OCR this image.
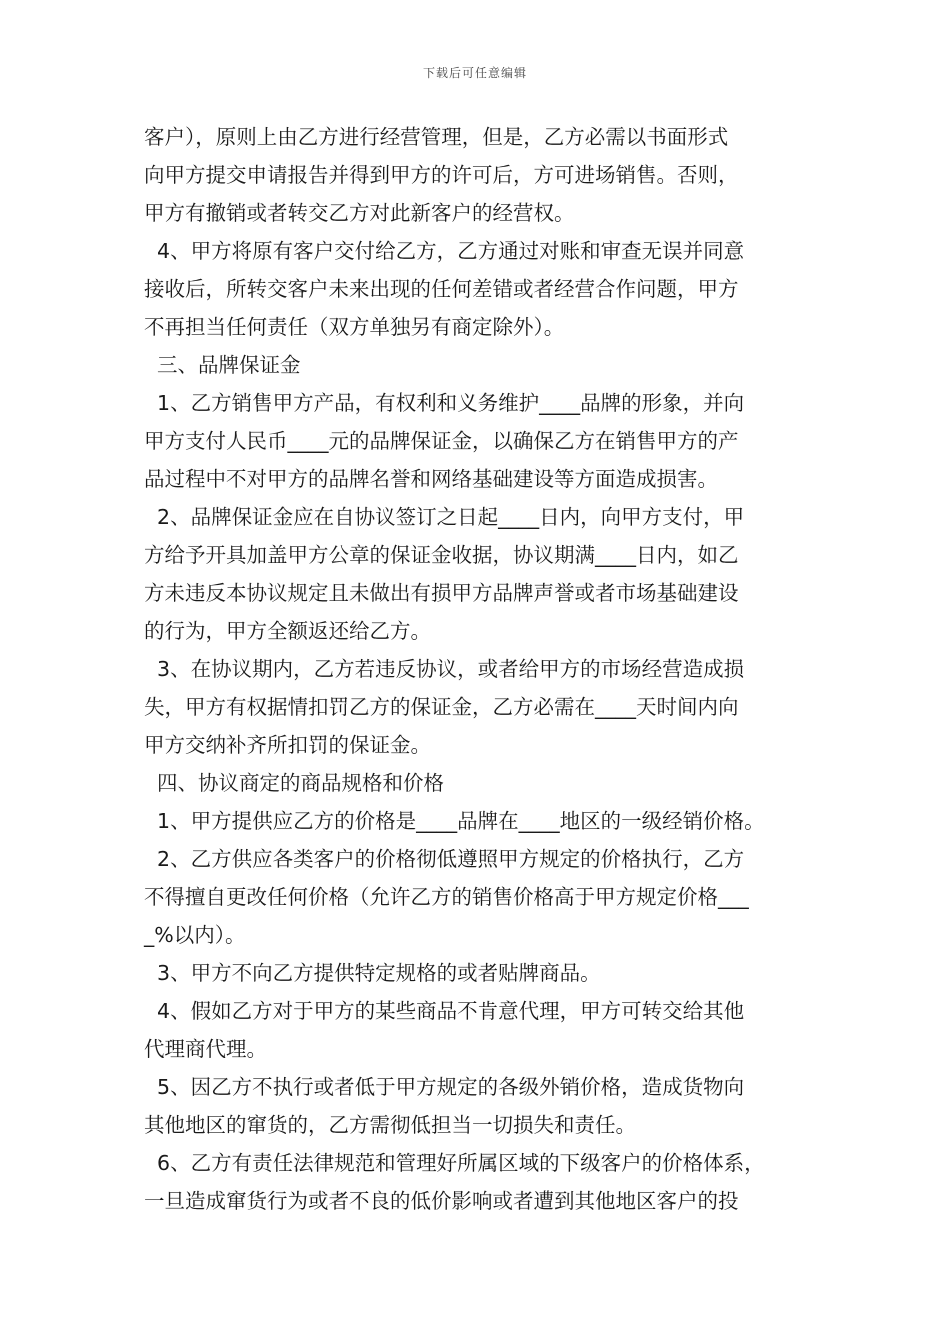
下载后可任意编辑
客户），原则上由乙方进行经营管理，但是，乙方必需以书面形式
向甲方提交申请报告并得到甲方的许可后，方可进场销售。否则，
甲方有撤销或者转交乙方对此新客户的经营权。
4、甲方将原有客户交付给乙方，乙方通过对账和审查无误并同意
接收后，所转交客户未来出现的任何差错或者经营合作问题，甲方
不再担当任何责任（双方单独另有商定除外）。
三、品牌保证金
1、乙方销售甲方产品，有权利和义务维护____品牌的形象，并向
甲方支付人民币____元的品牌保证金，以确保乙方在销售甲方的产
品过程中不对甲方的品牌名誉和网络基础建设等方面造成损害。
2、品牌保证金应在自协议签订之日起____日内，向甲方支付，甲
方给予开具加盖甲方公章的保证金收据，协议期满____日内，如乙
方未违反本协议规定且未做出有损甲方品牌声誉或者市场基础建设
的行为，甲方全额返还给乙方。
3、在协议期内，乙方若违反协议，或者给甲方的市场经营造成损
失，甲方有权据情扣罚乙方的保证金，乙方必需在____天时间内向
甲方交纳补齐所扣罚的保证金。
四、协议商定的商品规格和价格
1、甲方提供应乙方的价格是____品牌在____地区的一级经销价格。
2、乙方供应各类客户的价格彻低遵照甲方规定的价格执行，乙方
不得擅自更改任何价格（允许乙方的销售价格高于甲方规定价格___
_%以内）。
3、甲方不向乙方提供特定规格的或者贴牌商品。
4、假如乙方对于甲方的某些商品不肯意代理，甲方可转交给其他
代理商代理。
5、因乙方不执行或者低于甲方规定的各级外销价格，造成货物向
其他地区的窜货的，乙方需彻低担当一切损失和责任。
6、乙方有责任法律规范和管理好所属区域的下级客户的价格体系，
一旦造成窜货行为或者不良的低价影响或者遭到其他地区客户的投
